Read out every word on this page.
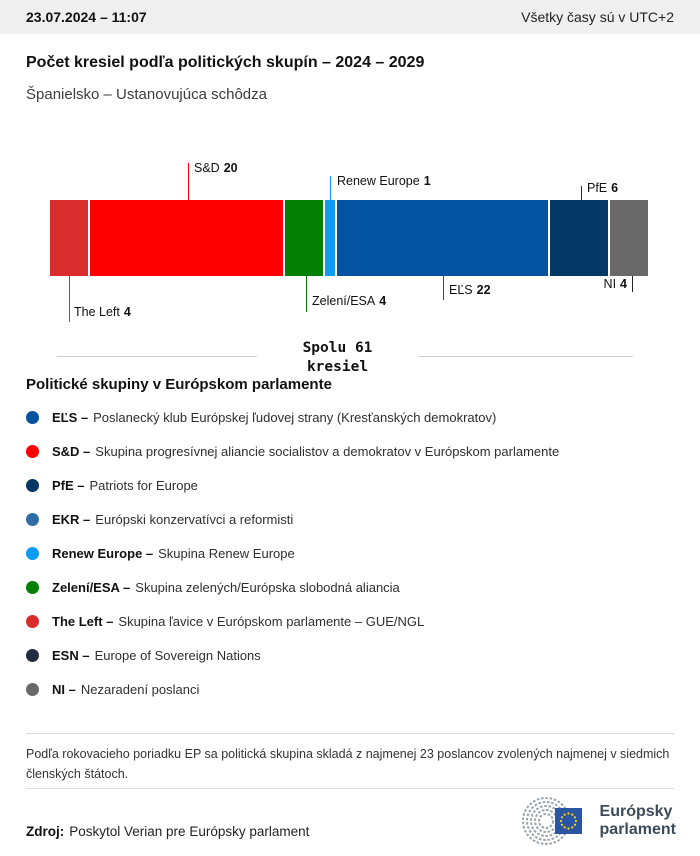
23.07.2024 – 11:07	Všetky časy sú v UTC+2
Počet kresiel podľa politických skupín – 2024 – 2029
Španielsko – Ustanovujúca schôdza
The Left 4
S&D 20
Zelení/ESA 4
Renew Europe 1
EĽS 22
PfE 6
NI 4
Spolu 61
kresiel
Politické skupiny v Európskom parlamente
EĽS – Poslanecký klub Európskej ľudovej strany (Kresťanských demokratov)
S&D – Skupina progresívnej aliancie socialistov a demokratov v Európskom parlamente
PfE – Patriots for Europe
EKR – Európski konzervatívci a reformisti
Renew Europe – Skupina Renew Europe
Zelení/ESA – Skupina zelených/Európska slobodná aliancia
The Left – Skupina ľavice v Európskom parlamente – GUE/NGL
ESN – Europe of Sovereign Nations
NI – Nezaradení poslanci
Podľa rokovacieho poriadku EP sa politická skupina skladá z najmenej 23 poslancov zvolených najmenej v siedmich členských štátoch.
Zdroj: Poskytol Verian pre Európsky parlament
Európsky
parlament
